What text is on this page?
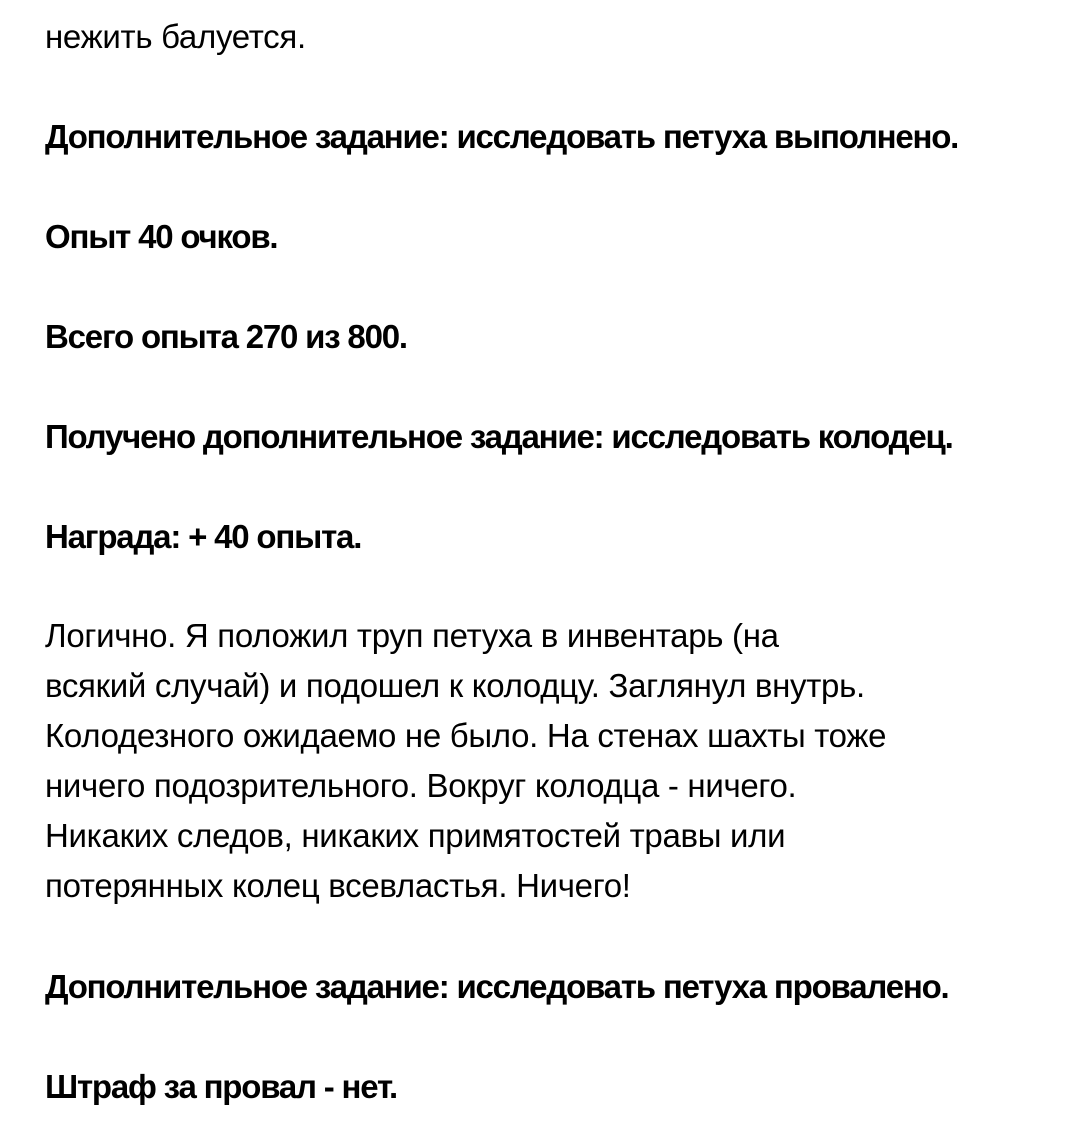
нежить балуется.

Дополнительное задание: исследовать петуха выполнено.

Опыт 40 очков.

Всего опыта 270 из 800.

Получено дополнительное задание: исследовать колодец.

Награда: + 40 опыта.

Логично. Я положил труп петуха в инвентарь (на
всякий случай) и подошел к колодцу. Заглянул внутрь.
Колодезного ожидаемо не было. На стенах шахты тоже
ничего подозрительного. Вокруг колодца - ничего.
Никаких следов, никаких примятостей травы или
потерянных колец всевластья. Ничего!

Дополнительное задание: исследовать петуха провалено.

Штраф за провал - нет.
